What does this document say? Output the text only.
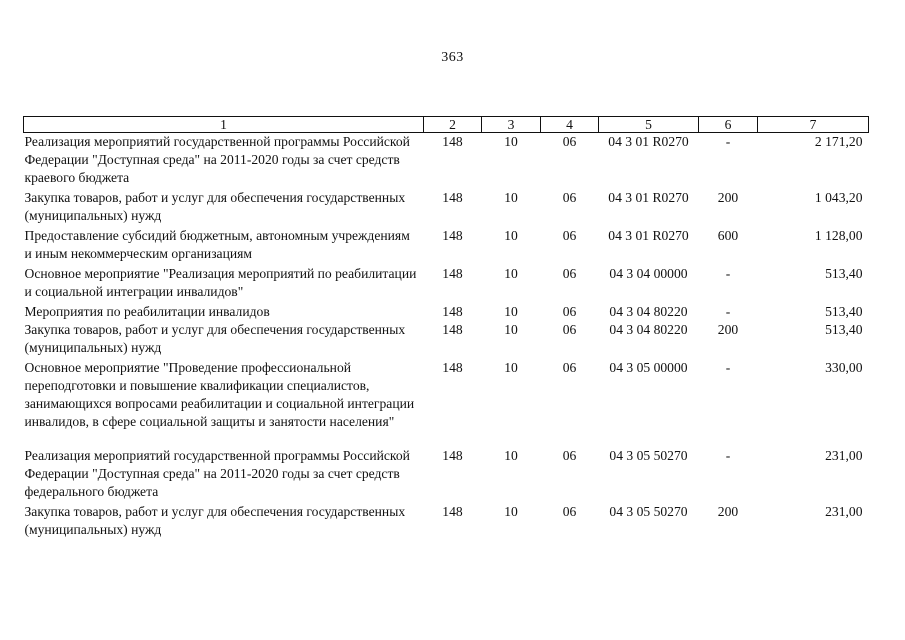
363
1	2	3	4	5	6	7
Реализация мероприятий государственной программы Российской Федерации "Доступная среда" на 2011-2020 годы за счет средств краевого бюджета	148	10	06	04 3 01 R0270	-	2 171,20
Закупка товаров, работ и услуг для обеспечения государственных (муниципальных) нужд	148	10	06	04 3 01 R0270	200	1 043,20
Предоставление субсидий бюджетным, автономным учреждениям и иным некоммерческим организациям	148	10	06	04 3 01 R0270	600	1 128,00
Основное мероприятие "Реализация мероприятий по реабилитации и социальной интеграции инвалидов"	148	10	06	04 3 04 00000	-	513,40
Мероприятия по реабилитации инвалидов	148	10	06	04 3 04 80220	-	513,40
Закупка товаров, работ и услуг для обеспечения государственных (муниципальных) нужд	148	10	06	04 3 04 80220	200	513,40
Основное мероприятие "Проведение профессиональной переподготовки и повышение квалификации специалистов, занимающихся вопросами реабилитации и социальной интеграции инвалидов, в сфере социальной защиты и занятости населения"	148	10	06	04 3 05 00000	-	330,00
Реализация мероприятий государственной программы Российской Федерации "Доступная среда" на 2011-2020 годы за счет средств федерального бюджета	148	10	06	04 3 05 50270	-	231,00
Закупка товаров, работ и услуг для обеспечения государственных (муниципальных) нужд	148	10	06	04 3 05 50270	200	231,00
